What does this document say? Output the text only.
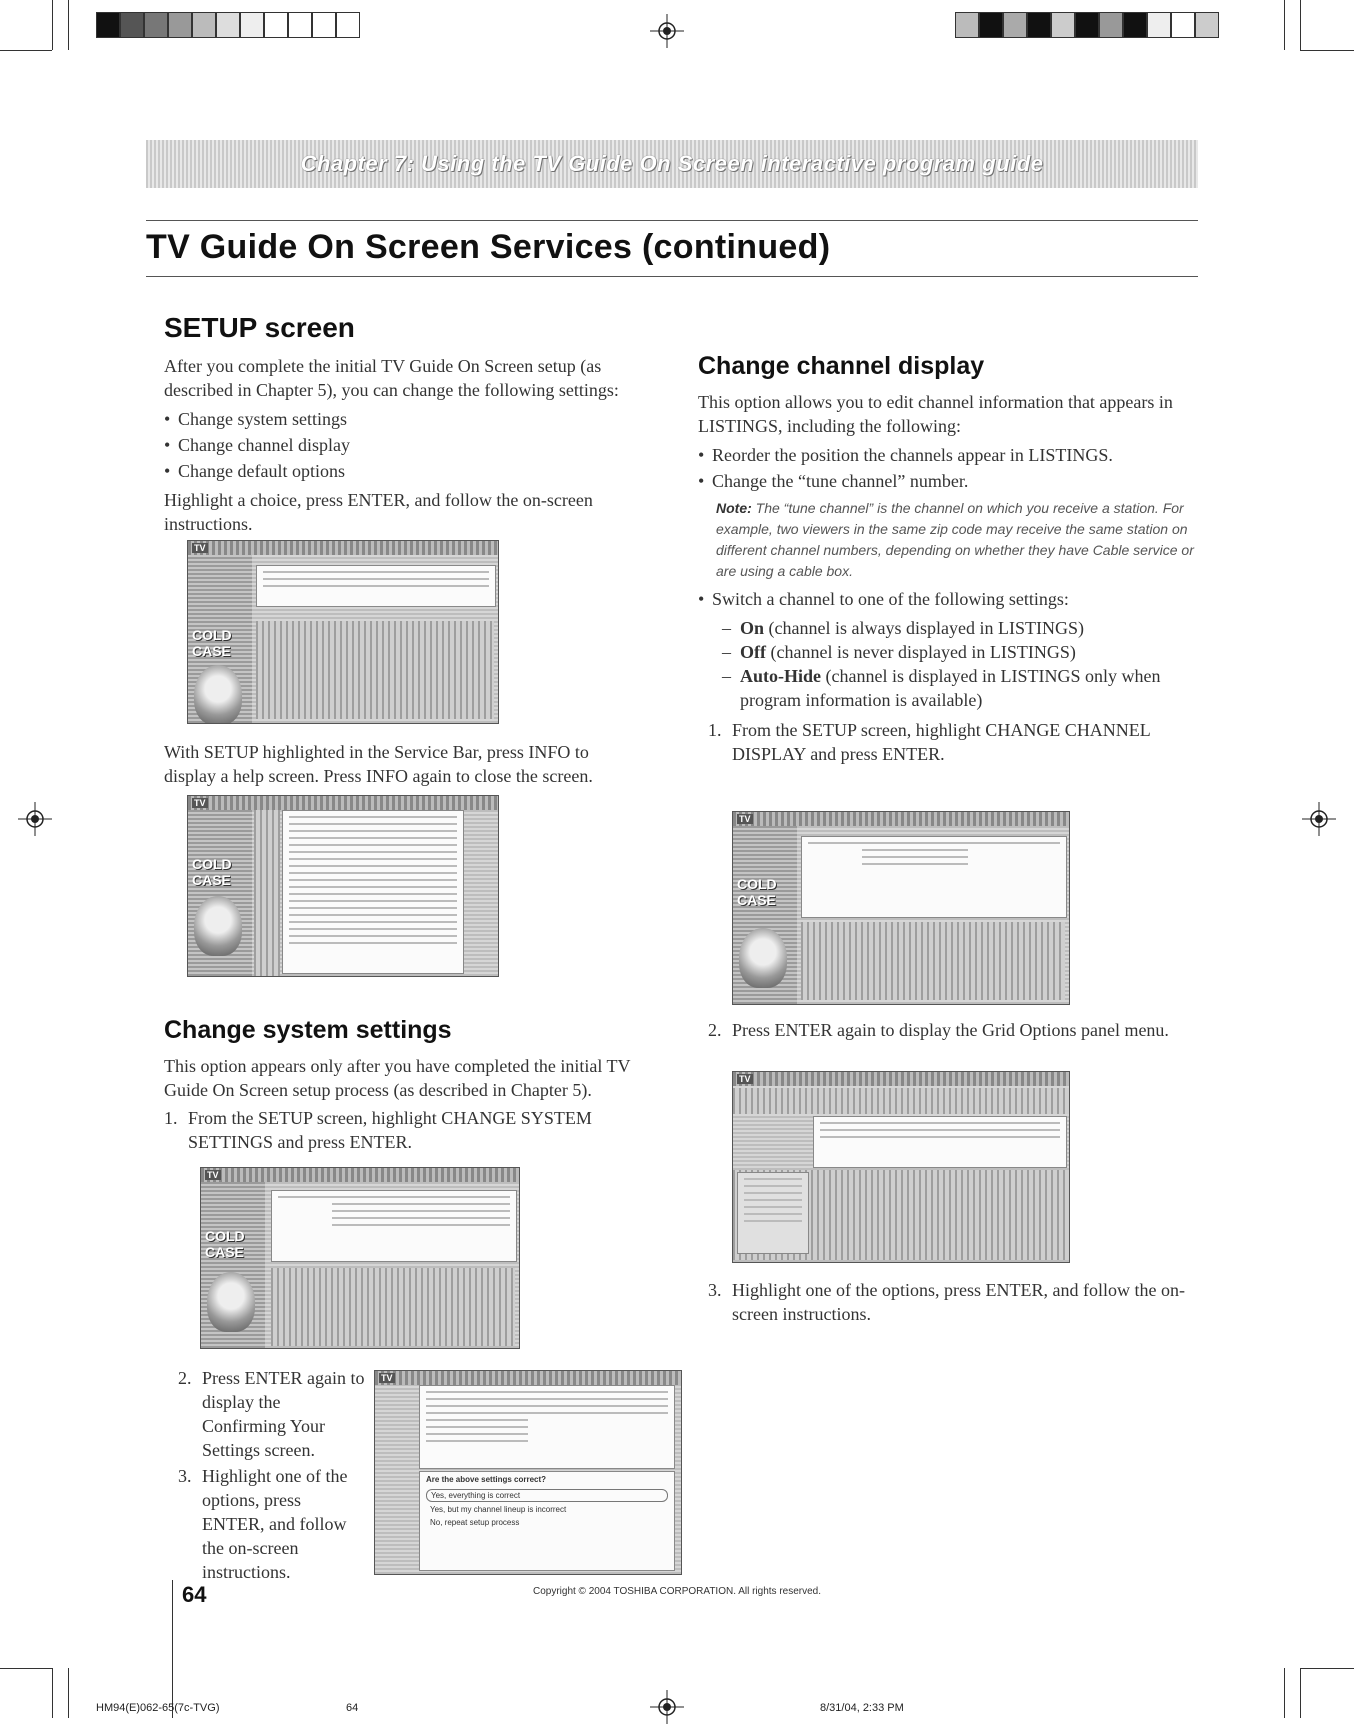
Chapter 7: Using the TV Guide On Screen interactive program guide
TV Guide On Screen Services (continued)
SETUP screen

After you complete the initial TV Guide On Screen setup (as described in Chapter 5), you can change the following settings:

• Change system settings
• Change channel display
• Change default options

Highlight a choice, press ENTER, and follow the on-screen instructions.

TV
COLD
CASE
With SETUP highlighted in the Service Bar, press INFO to display a help screen. Press INFO again to close the screen.
TV
COLD
CASE
Change system settings

This option appears only after you have completed the initial TV Guide On Screen setup process (as described in Chapter 5).

1. From the SETUP screen, highlight CHANGE SYSTEM SETTINGS and press ENTER.
TV
COLD
CASE
2. Press ENTER again to display the Confirming Your Settings screen.
3. Highlight one of the options, press ENTER, and follow the on-screen instructions.
TV
Are the above settings correct?
Yes, everything is correct
Yes, but my channel lineup is incorrect
No, repeat setup process
Change channel display

This option allows you to edit channel information that appears in LISTINGS, including the following:

• Reorder the position the channels appear in LISTINGS.
• Change the “tune channel” number.
Note: The “tune channel” is the channel on which you receive a station. For example, two viewers in the same zip code may receive the same station on different channel numbers, depending on whether they have Cable service or are using a cable box.
• Switch a channel to one of the following settings:
– On (channel is always displayed in LISTINGS)
– Off (channel is never displayed in LISTINGS)
– Auto-Hide (channel is displayed in LISTINGS only when program information is available)
1. From the SETUP screen, highlight CHANGE CHANNEL DISPLAY and press ENTER.
TV
COLD
CASE
2. Press ENTER again to display the Grid Options panel menu.
TV
3. Highlight one of the options, press ENTER, and follow the on-screen instructions.
64	Copyright © 2004 TOSHIBA CORPORATION. All rights reserved.
HM94(E)062-65(7c-TVG)	64	8/31/04, 2:33 PM
